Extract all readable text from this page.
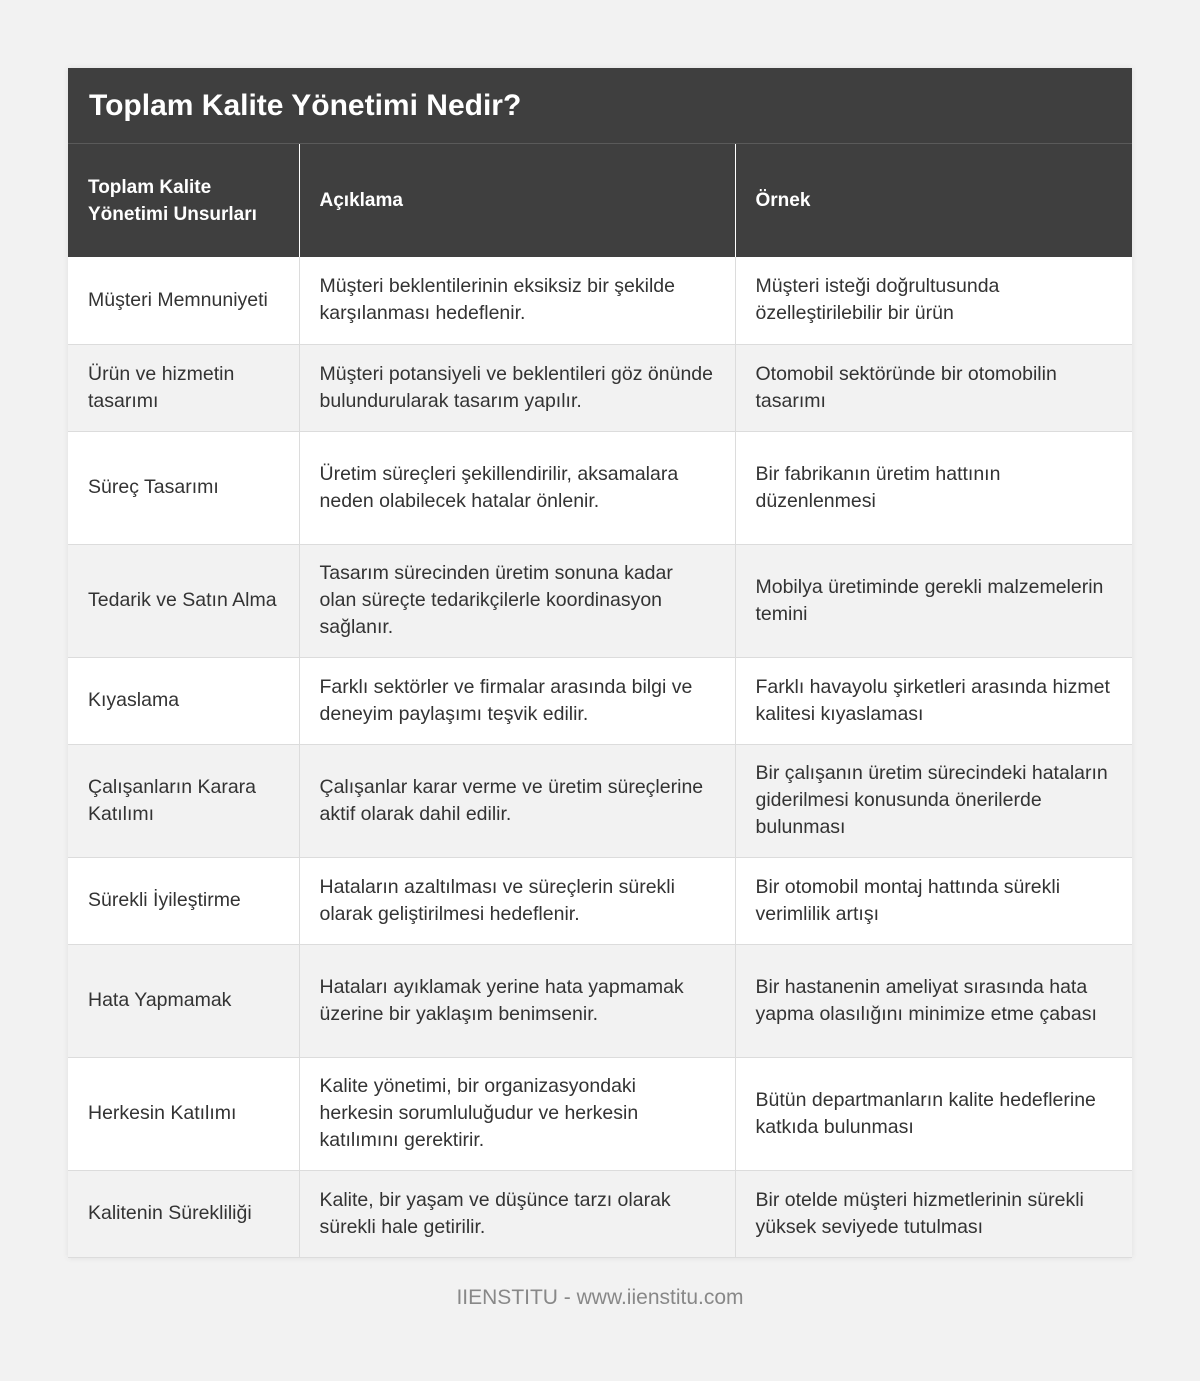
Toplam Kalite Yönetimi Nedir?
Toplam Kalite Yönetimi Unsurları	Açıklama	Örnek
Müşteri Memnuniyeti	Müşteri beklentilerinin eksiksiz bir şekilde karşılanması hedeflenir.	Müşteri isteği doğrultusunda özelleştirilebilir bir ürün
Ürün ve hizmetin tasarımı	Müşteri potansiyeli ve beklentileri göz önünde bulundurularak tasarım yapılır.	Otomobil sektöründe bir otomobilin tasarımı
Süreç Tasarımı	Üretim süreçleri şekillendirilir, aksamalara neden olabilecek hatalar önlenir.	Bir fabrikanın üretim hattının düzenlenmesi
Tedarik ve Satın Alma	Tasarım sürecinden üretim sonuna kadar olan süreçte tedarikçilerle koordinasyon sağlanır.	Mobilya üretiminde gerekli malzemelerin temini
Kıyaslama	Farklı sektörler ve firmalar arasında bilgi ve deneyim paylaşımı teşvik edilir.	Farklı havayolu şirketleri arasında hizmet kalitesi kıyaslaması
Çalışanların Karara Katılımı	Çalışanlar karar verme ve üretim süreçlerine aktif olarak dahil edilir.	Bir çalışanın üretim sürecindeki hataların giderilmesi konusunda önerilerde bulunması
Sürekli İyileştirme	Hataların azaltılması ve süreçlerin sürekli olarak geliştirilmesi hedeflenir.	Bir otomobil montaj hattında sürekli verimlilik artışı
Hata Yapmamak	Hataları ayıklamak yerine hata yapmamak üzerine bir yaklaşım benimsenir.	Bir hastanenin ameliyat sırasında hata yapma olasılığını minimize etme çabası
Herkesin Katılımı	Kalite yönetimi, bir organizasyondaki herkesin sorumluluğudur ve herkesin katılımını gerektirir.	Bütün departmanların kalite hedeflerine katkıda bulunması
Kalitenin Sürekliliği	Kalite, bir yaşam ve düşünce tarzı olarak sürekli hale getirilir.	Bir otelde müşteri hizmetlerinin sürekli yüksek seviyede tutulması
IIENSTITU - www.iienstitu.com
